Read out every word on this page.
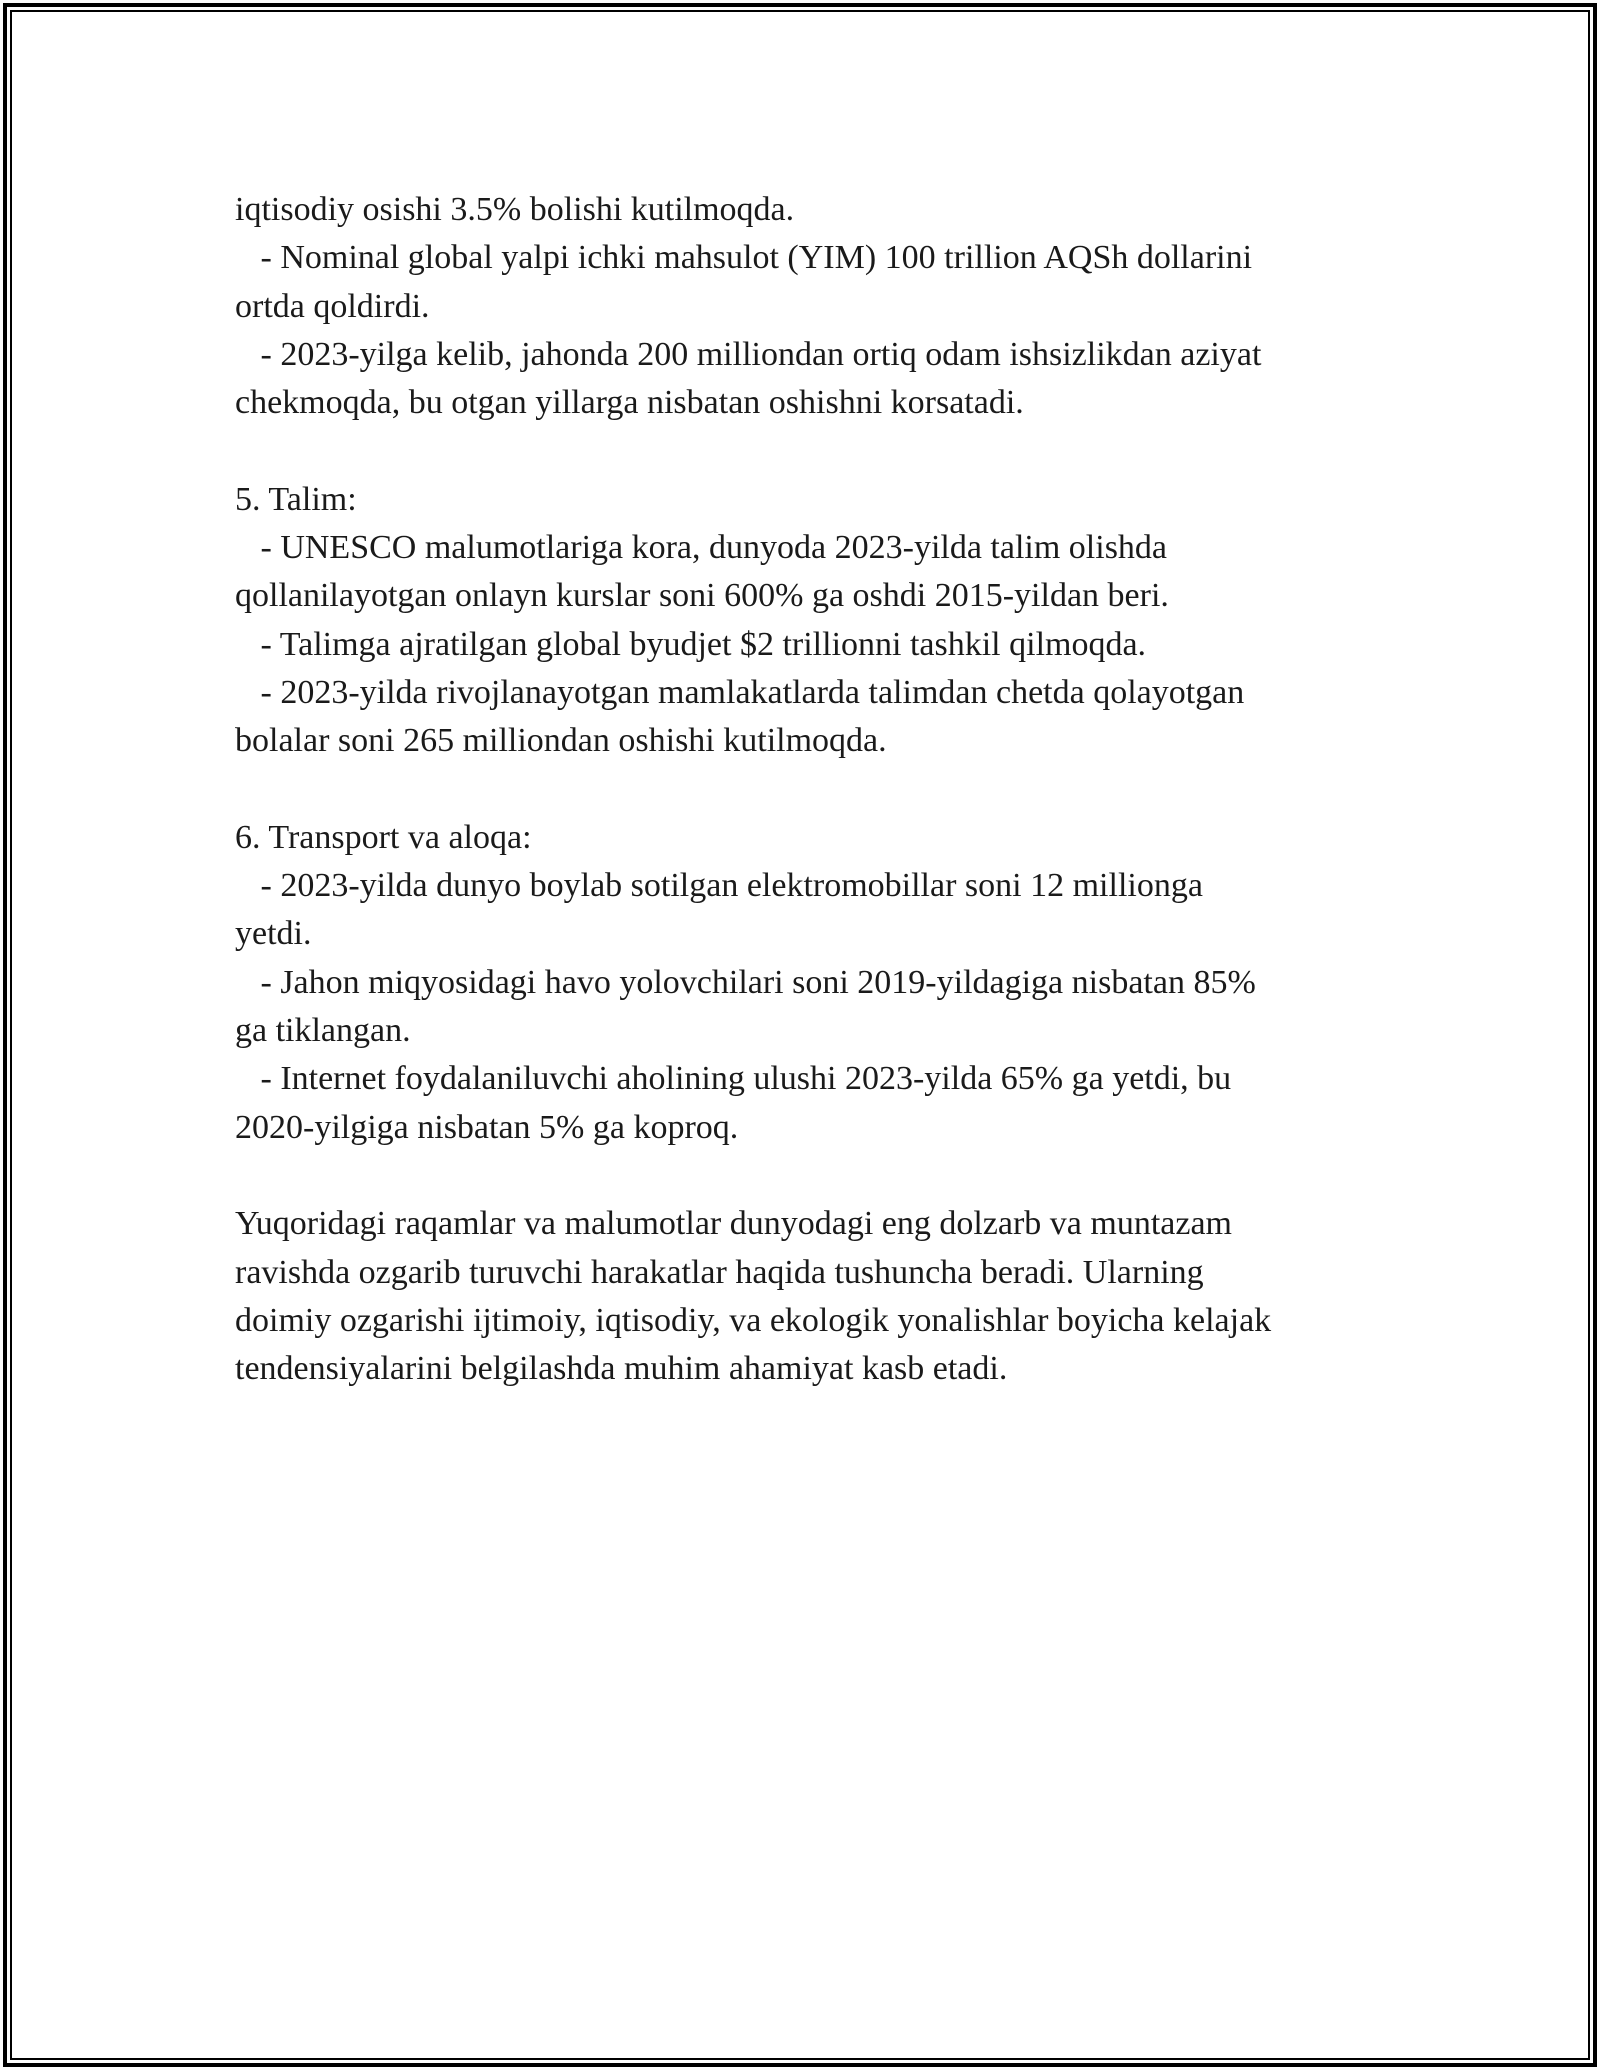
iqtisodiy osishi 3.5% bolishi kutilmoqda.

- Nominal global yalpi ichki mahsulot (YIM) 100 trillion AQSh dollarini

ortda qoldirdi.

- 2023-yilga kelib, jahonda 200 milliondan ortiq odam ishsizlikdan aziyat

chekmoqda, bu otgan yillarga nisbatan oshishni korsatadi.

5. Talim:

- UNESCO malumotlariga kora, dunyoda 2023-yilda talim olishda

qollanilayotgan onlayn kurslar soni 600% ga oshdi 2015-yildan beri.

- Talimga ajratilgan global byudjet $2 trillionni tashkil qilmoqda.

- 2023-yilda rivojlanayotgan mamlakatlarda talimdan chetda qolayotgan

bolalar soni 265 milliondan oshishi kutilmoqda.

6. Transport va aloqa:

- 2023-yilda dunyo boylab sotilgan elektromobillar soni 12 millionga

yetdi.

- Jahon miqyosidagi havo yolovchilari soni 2019-yildagiga nisbatan 85%

ga tiklangan.

- Internet foydalaniluvchi aholining ulushi 2023-yilda 65% ga yetdi, bu

2020-yilgiga nisbatan 5% ga koproq.

Yuqoridagi raqamlar va malumotlar dunyodagi eng dolzarb va muntazam

ravishda ozgarib turuvchi harakatlar haqida tushuncha beradi. Ularning

doimiy ozgarishi ijtimoiy, iqtisodiy, va ekologik yonalishlar boyicha kelajak

tendensiyalarini belgilashda muhim ahamiyat kasb etadi.
